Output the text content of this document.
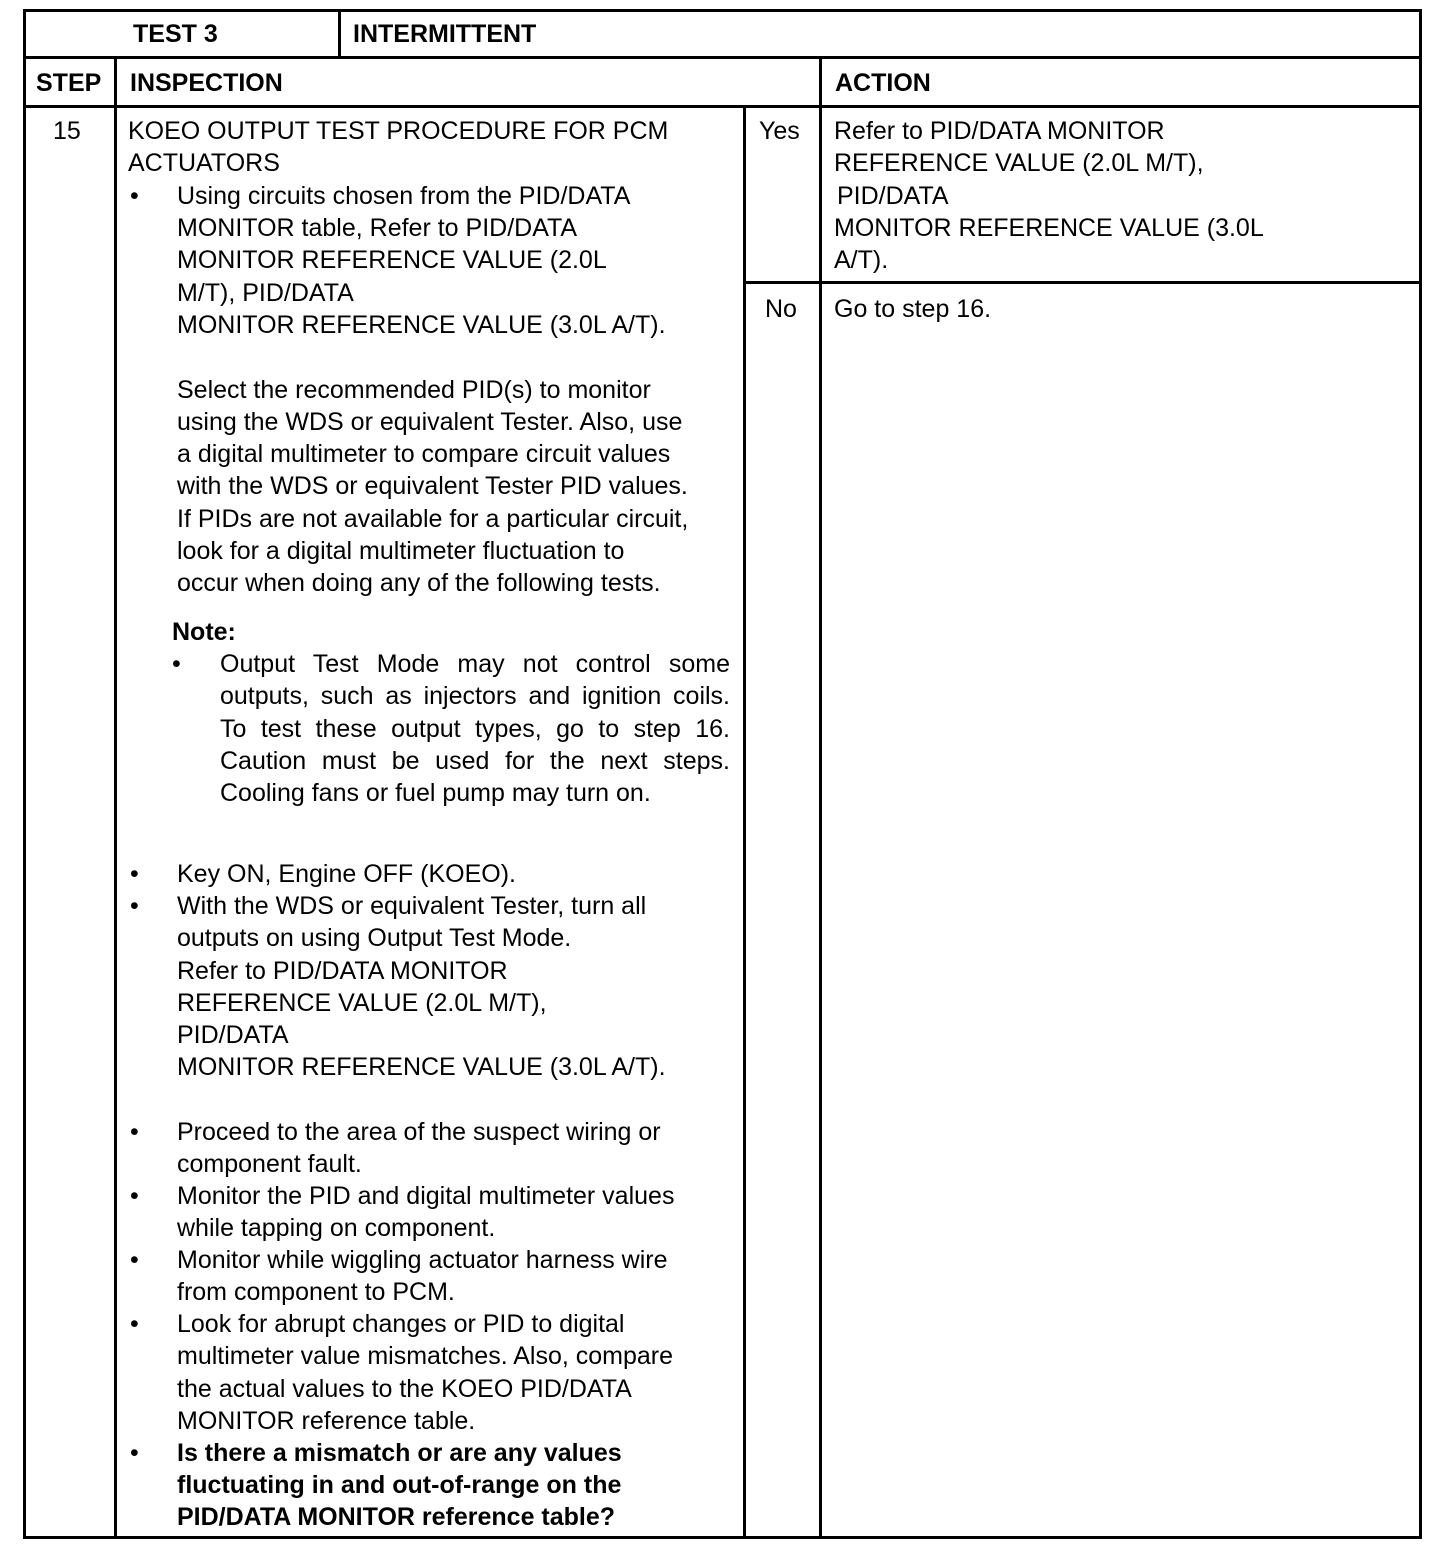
TEST 3	INTERMITTENT
STEP INSPECTION	ACTION
15 KOEO OUTPUT TEST PROCEDURE FOR PCM
ACTUATORS
• Using circuits chosen from the PID/DATA
MONITOR table, Refer to PID/DATA
MONITOR REFERENCE VALUE (2.0L
M/T), PID/DATA
MONITOR REFERENCE VALUE (3.0L A/T).
Select the recommended PID(s) to monitor
using the WDS or equivalent Tester. Also, use
a digital multimeter to compare circuit values
with the WDS or equivalent Tester PID values.
If PIDs are not available for a particular circuit,
look for a digital multimeter fluctuation to
occur when doing any of the following tests.
Note:
• Output Test Mode may not control some outputs, such as injectors and ignition coils. To test these output types, go to step 16. Caution must be used for the next steps. Cooling fans or fuel pump may turn on.
• Key ON, Engine OFF (KOEO).
• With the WDS or equivalent Tester, turn all
outputs on using Output Test Mode.
Refer to PID/DATA MONITOR
REFERENCE VALUE (2.0L M/T),
PID/DATA
MONITOR REFERENCE VALUE (3.0L A/T).
• Proceed to the area of the suspect wiring or
component fault.
• Monitor the PID and digital multimeter values
while tapping on component.
• Monitor while wiggling actuator harness wire
from component to PCM.
• Look for abrupt changes or PID to digital
multimeter value mismatches. Also, compare
the actual values to the KOEO PID/DATA
MONITOR reference table.
• Is there a mismatch or are any values
fluctuating in and out-of-range on the
PID/DATA MONITOR reference table?
Yes
No
Refer to PID/DATA MONITOR
REFERENCE VALUE (2.0L M/T),
PID/DATA
MONITOR REFERENCE VALUE (3.0L
A/T).
Go to step 16.
